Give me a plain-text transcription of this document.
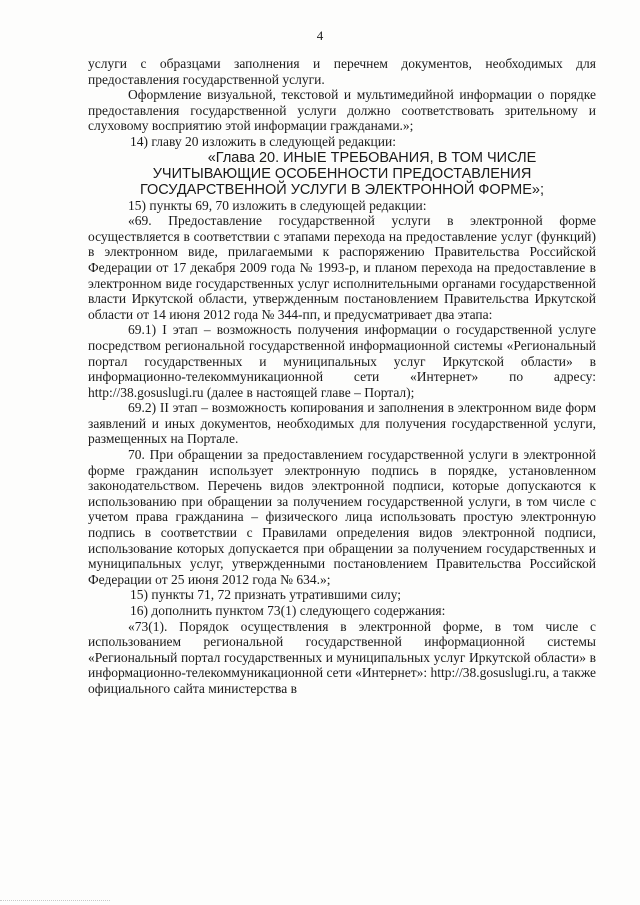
4

услуги с образцами заполнения и перечнем документов, необходимых для предоставления государственной услуги.

Оформление визуальной, текстовой и мультимедийной информации о порядке предоставления государственной услуги должно соответствовать зрительному и слуховому восприятию этой информации гражданами.»;

14) главу 20 изложить в следующей редакции:

«Глава 20. ИНЫЕ ТРЕБОВАНИЯ, В ТОМ ЧИСЛЕ

УЧИТЫВАЮЩИЕ ОСОБЕННОСТИ ПРЕДОСТАВЛЕНИЯ

ГОСУДАРСТВЕННОЙ УСЛУГИ В ЭЛЕКТРОННОЙ ФОРМЕ»;

15) пункты 69, 70 изложить в следующей редакции:

«69. Предоставление государственной услуги в электронной форме осуществляется в соответствии с этапами перехода на предоставление услуг (функций) в электронном виде, прилагаемыми к распоряжению Правительства Российской Федерации от 17 декабря 2009 года № 1993-р, и планом перехода на предоставление в электронном виде государственных услуг исполнительными органами государственной власти Иркутской области, утвержденным постановлением Правительства Иркутской области от 14 июня 2012 года № 344-пп, и предусматривает два этапа:

69.1) I этап – возможность получения информации о государственной услуге посредством региональной государственной информационной системы «Региональный портал государственных и муниципальных услуг Иркутской области» в информационно-телекоммуникационной сети «Интернет» по адресу: http://38.gosuslugi.ru (далее в настоящей главе – Портал);

69.2) II этап – возможность копирования и заполнения в электронном виде форм заявлений и иных документов, необходимых для получения государственной услуги, размещенных на Портале.

70. При обращении за предоставлением государственной услуги в электронной форме гражданин использует электронную подпись в порядке, установленном законодательством. Перечень видов электронной подписи, которые допускаются к использованию при обращении за получением государственной услуги, в том числе с учетом права гражданина – физического лица использовать простую электронную подпись в соответствии с Правилами определения видов электронной подписи, использование которых допускается при обращении за получением государственных и муниципальных услуг, утвержденными постановлением Правительства Российской Федерации от 25 июня 2012 года № 634.»;

15) пункты 71, 72 признать утратившими силу;

16) дополнить пунктом 73(1) следующего содержания:

«73(1). Порядок осуществления в электронной форме, в том числе с использованием региональной государственной информационной системы «Региональный портал государственных и муниципальных услуг Иркутской области» в информационно-телекоммуникационной сети «Интернет»: http://38.gosuslugi.ru, а также официального сайта министерства в
